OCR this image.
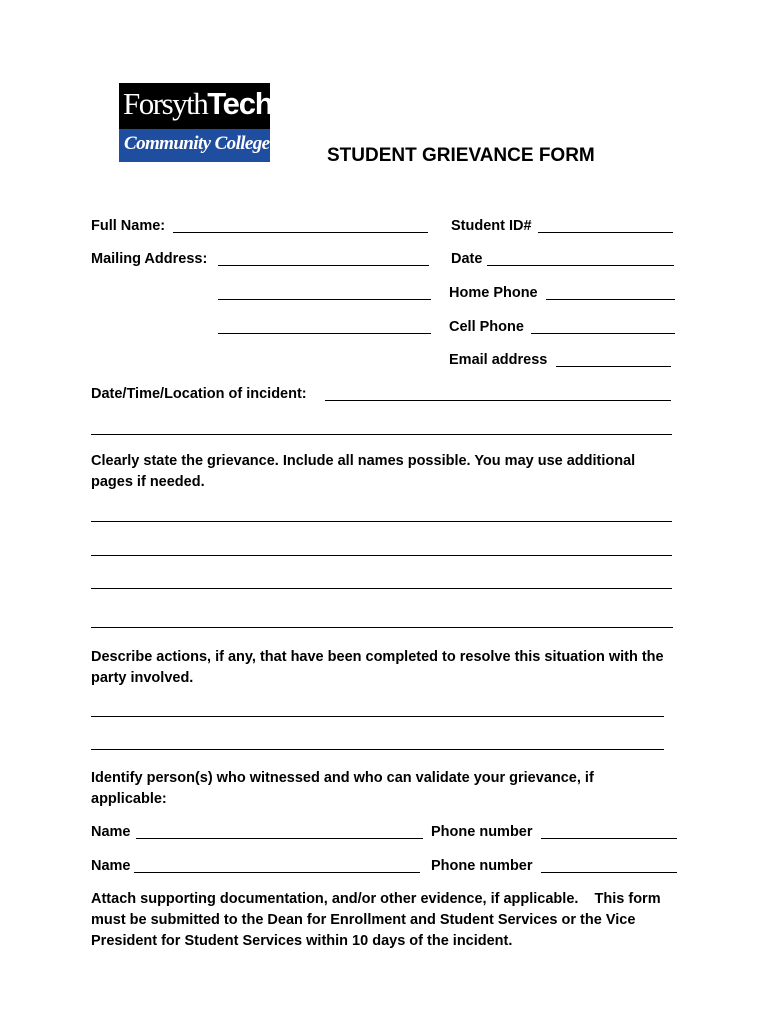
ForsythTech
Community College
STUDENT GRIEVANCE FORM
Full Name:	Student ID#
Mailing Address:	Date
Home Phone
Cell Phone
Email address
Date/Time/Location of incident:
Clearly state the grievance. Include all names possible. You may use additional pages if needed.
Describe actions, if any, that have been completed to resolve this situation with the party involved.
Identify person(s) who witnessed and who can validate your grievance, if applicable:
Name	Phone number
Name	Phone number
Attach supporting documentation, and/or other evidence, if applicable.    This form must be submitted to the Dean for Enrollment and Student Services or the Vice President for Student Services within 10 days of the incident.
